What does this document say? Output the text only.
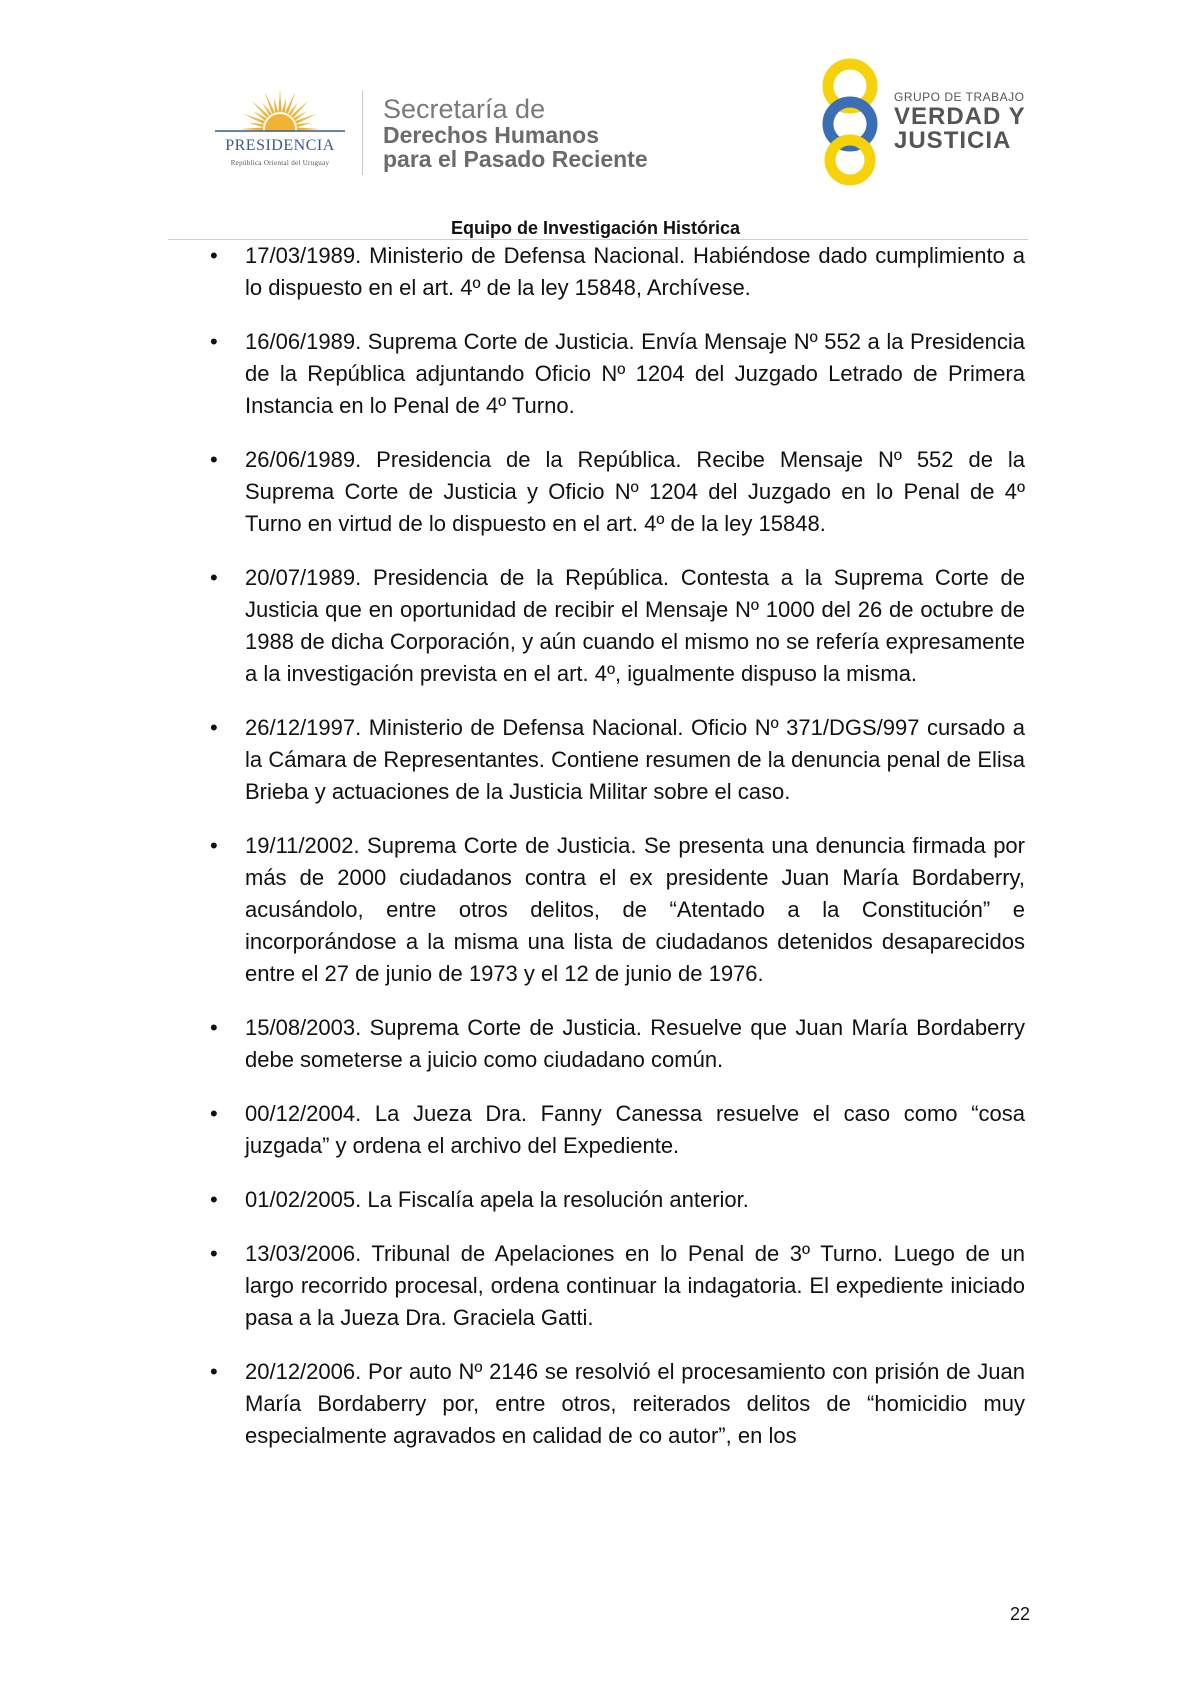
PRESIDENCIA
República Oriental del Uruguay
Secretaría de
Derechos Humanos
para el Pasado Reciente
GRUPO DE TRABAJO
VERDAD Y
JUSTICIA
Equipo de Investigación Histórica
• 17/03/1989. Ministerio de Defensa Nacional. Habiéndose dado cumplimiento a lo dispuesto en el art. 4º de la ley 15848, Archívese.
• 16/06/1989. Suprema Corte de Justicia. Envía Mensaje Nº 552 a la Presidencia de la República adjuntando Oficio Nº 1204 del Juzgado Letrado de Primera Instancia en lo Penal de 4º Turno.
• 26/06/1989. Presidencia de la República. Recibe Mensaje Nº 552 de la Suprema Corte de Justicia y Oficio Nº 1204 del Juzgado en lo Penal de 4º Turno en virtud de lo dispuesto en el art. 4º de la ley 15848.
• 20/07/1989. Presidencia de la República. Contesta a la Suprema Corte de Justicia que en oportunidad de recibir el Mensaje Nº 1000 del 26 de octubre de 1988 de dicha Corporación, y aún cuando el mismo no se refería expresamente a la investigación prevista en el art. 4º, igualmente dispuso la misma.
• 26/12/1997. Ministerio de Defensa Nacional. Oficio Nº 371/DGS/997 cursado a la Cámara de Representantes. Contiene resumen de la denuncia penal de Elisa Brieba y actuaciones de la Justicia Militar sobre el caso.
• 19/11/2002. Suprema Corte de Justicia. Se presenta una denuncia firmada por más de 2000 ciudadanos contra el ex presidente Juan María Bordaberry, acusándolo, entre otros delitos, de “Atentado a la Constitución” e incorporándose a la misma una lista de ciudadanos detenidos desaparecidos entre el 27 de junio de 1973 y el 12 de junio de 1976.
• 15/08/2003. Suprema Corte de Justicia. Resuelve que Juan María Bordaberry debe someterse a juicio como ciudadano común.
• 00/12/2004. La Jueza Dra. Fanny Canessa resuelve el caso como “cosa juzgada” y ordena el archivo del Expediente.
• 01/02/2005. La Fiscalía apela la resolución anterior.
• 13/03/2006. Tribunal de Apelaciones en lo Penal de 3º Turno. Luego de un largo recorrido procesal, ordena continuar la indagatoria. El expediente iniciado pasa a la Jueza Dra. Graciela Gatti.
• 20/12/2006. Por auto Nº 2146 se resolvió el procesamiento con prisión de Juan María Bordaberry por, entre otros, reiterados delitos de “homicidio muy especialmente agravados en calidad de co autor”, en los
22
